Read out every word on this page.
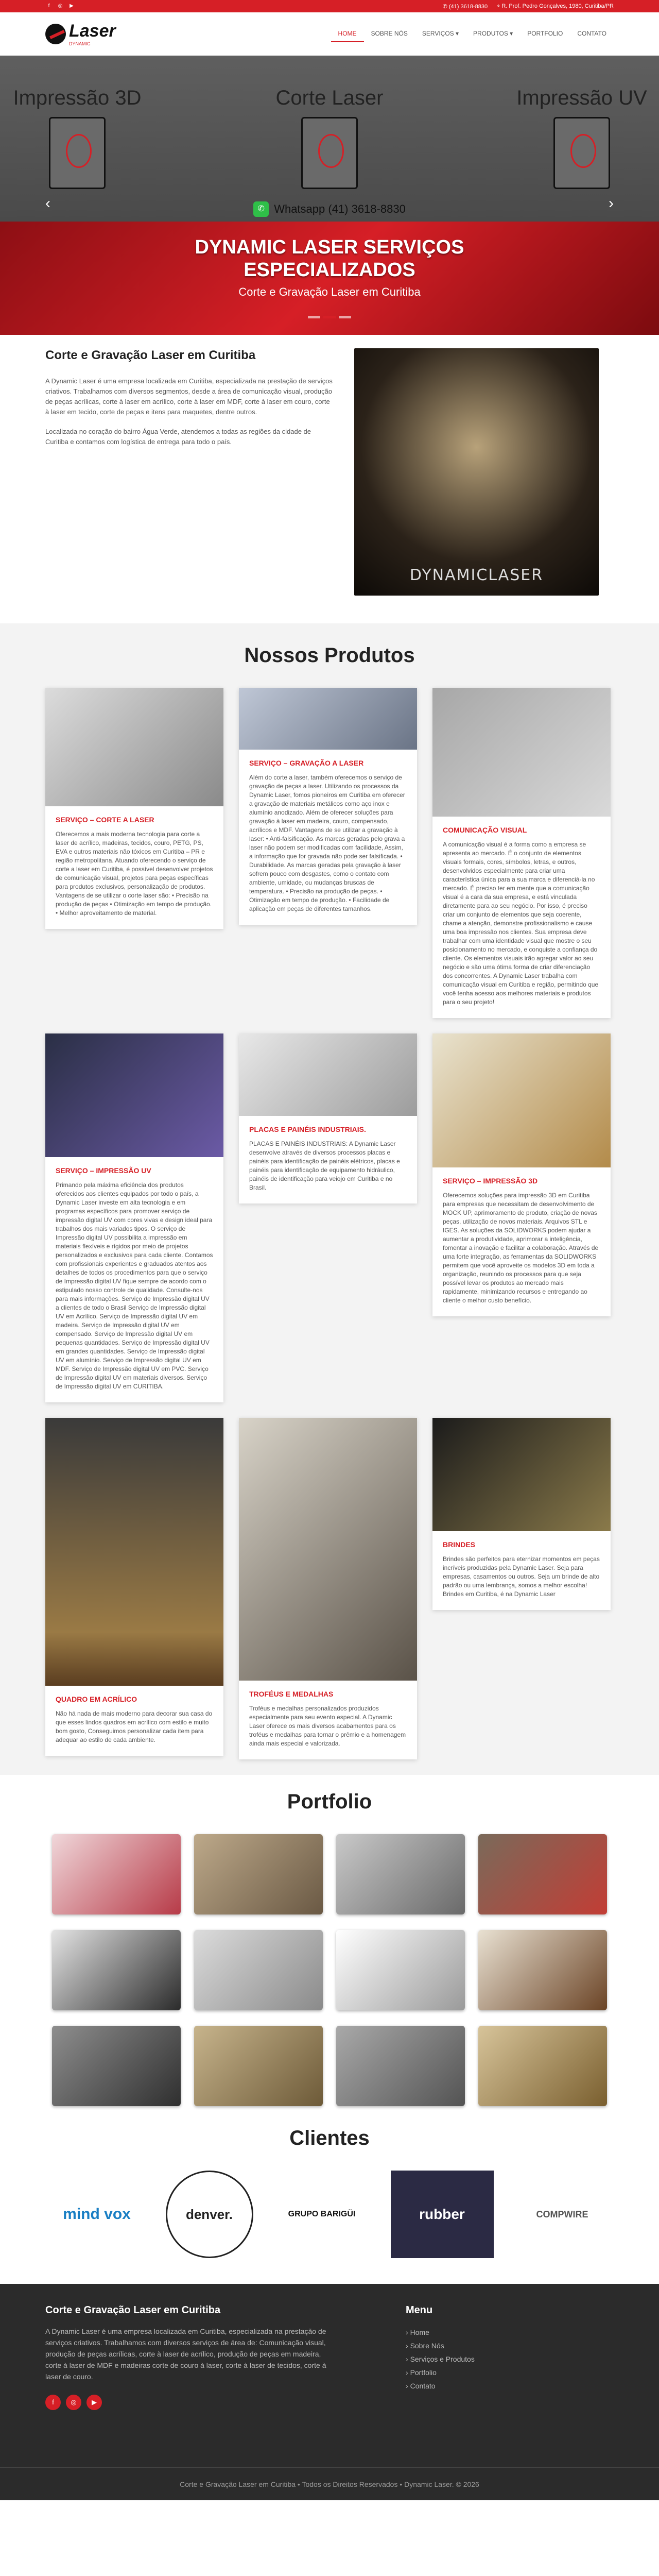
f	◎	▶	✆ (41) 3618-8830 ⌖ R. Prof. Pedro Gonçalves, 1980, Curitiba/PR
Laser
DYNAMIC
HOME	SOBRE NÓS	SERVIÇOS ▾	PRODUTOS ▾	PORTFOLIO	CONTATO
Impressão 3D	Corte Laser	Impressão UV
‹	›
✆ Whatsapp (41) 3618-8830
DYNAMIC LASER SERVIÇOS
ESPECIALIZADOS

Corte e Gravação Laser em Curitiba

Corte e Gravação Laser em Curitiba

A Dynamic Laser é uma empresa localizada em Curitiba, especializada na prestação de serviços criativos. Trabalhamos com diversos segmentos, desde a área de comunicação visual, produção de peças acrílicas, corte à laser em acrílico, corte à laser em MDF, corte à laser em couro, corte à laser em tecido, corte de peças e itens para maquetes, dentre outros.

Localizada no coração do bairro Água Verde, atendemos a todas as regiões da cidade de Curitiba e contamos com logística de entrega para todo o país.

DYNAMICLASER
Nossos Produtos
SERVIÇO – CORTE A LASER

Oferecemos a mais moderna tecnologia para corte a laser de acrílico, madeiras, tecidos, couro, PETG, PS, EVA e outros materiais não tóxicos em Curitiba – PR e região metropolitana. Atuando oferecendo o serviço de corte a laser em Curitiba, é possível desenvolver projetos de comunicação visual, projetos para peças específicas para produtos exclusivos, personalização de produtos. Vantagens de se utilizar o corte laser são: • Precisão na produção de peças • Otimização em tempo de produção. • Melhor aproveitamento de material.

SERVIÇO – GRAVAÇÃO A LASER

Além do corte a laser, também oferecemos o serviço de gravação de peças a laser. Utilizando os processos da Dynamic Laser, fomos pioneiros em Curitiba em oferecer a gravação de materiais metálicos como aço inox e alumínio anodizado. Além de oferecer soluções para gravação à laser em madeira, couro, compensado, acrílicos e MDF. Vantagens de se utilizar a gravação à laser: • Anti-falsificação. As marcas geradas pelo grava a laser não podem ser modificadas com facilidade, Assim, a informação que for gravada não pode ser falsificada. • Durabilidade. As marcas geradas pela gravação à laser sofrem pouco com desgastes, como o contato com ambiente, umidade, ou mudanças bruscas de temperatura. • Precisão na produção de peças. • Otimização em tempo de produção. • Facilidade de aplicação em peças de diferentes tamanhos.

COMUNICAÇÃO VISUAL

A comunicação visual é a forma como a empresa se apresenta ao mercado. É o conjunto de elementos visuais formais, cores, símbolos, letras, e outros, desenvolvidos especialmente para criar uma característica única para a sua marca e diferenciá-la no mercado. É preciso ter em mente que a comunicação visual é a cara da sua empresa, e está vinculada diretamente para ao seu negócio. Por isso, é preciso criar um conjunto de elementos que seja coerente, chame a atenção, demonstre profissionalismo e cause uma boa impressão nos clientes. Sua empresa deve trabalhar com uma identidade visual que mostre o seu posicionamento no mercado, e conquiste a confiança do cliente. Os elementos visuais irão agregar valor ao seu negócio e são uma ótima forma de criar diferenciação dos concorrentes. A Dynamic Laser trabalha com comunicação visual em Curitiba e região, permitindo que você tenha acesso aos melhores materiais e produtos para o seu projeto!

SERVIÇO – IMPRESSÃO UV

Primando pela máxima eficiência dos produtos oferecidos aos clientes equipados por todo o país, a Dynamic Laser investe em alta tecnologia e em programas específicos para promover serviço de impressão digital UV com cores vivas e design ideal para trabalhos dos mais variados tipos. O serviço de Impressão digital UV possibilita a impressão em materiais flexíveis e rígidos por meio de projetos personalizados e exclusivos para cada cliente. Contamos com profissionais experientes e graduados atentos aos detalhes de todos os procedimentos para que o serviço de Impressão digital UV fique sempre de acordo com o estipulado nosso controle de qualidade. Consulte-nos para mais informações. Serviço de Impressão digital UV a clientes de todo o Brasil Serviço de Impressão digital UV em Acrílico. Serviço de Impressão digital UV em madeira. Serviço de Impressão digital UV em compensado. Serviço de Impressão digital UV em pequenas quantidades. Serviço de Impressão digital UV em grandes quantidades. Serviço de Impressão digital UV em alumínio. Serviço de Impressão digital UV em MDF. Serviço de Impressão digital UV em PVC. Serviço de Impressão digital UV em materiais diversos. Serviço de Impressão digital UV em CURITIBA.

PLACAS E PAINÉIS INDUSTRIAIS.

PLACAS E PAINÉIS INDUSTRIAIS: A Dynamic Laser desenvolve através de diversos processos placas e painéis para identificação de painéis elétricos, placas e painéis para identificação de equipamento hidráulico, painéis de identificação para veiojo em Curitiba e no Brasil.

SERVIÇO – IMPRESSÃO 3D

Oferecemos soluções para impressão 3D em Curitiba para empresas que necessitam de desenvolvimento de MOCK UP, aprimoramento de produto, criação de novas peças, utilização de novos materiais. Arquivos STL e IGES. As soluções da SOLIDWORKS podem ajudar a aumentar a produtividade, aprimorar a inteligência, fomentar a inovação e facilitar a colaboração. Através de uma forte integração, as ferramentas da SOLIDWORKS permitem que você aproveite os modelos 3D em toda a organização, reunindo os processos para que seja possível levar os produtos ao mercado mais rapidamente, minimizando recursos e entregando ao cliente o melhor custo benefício.

QUADRO EM ACRÍLICO

Não há nada de mais moderno para decorar sua casa do que esses lindos quadros em acrílico com estilo e muito bom gosto, Conseguimos personalizar cada item para adequar ao estilo de cada ambiente.

TROFÉUS E MEDALHAS

Troféus e medalhas personalizados produzidos especialmente para seu evento especial. A Dynamic Laser oferece os mais diversos acabamentos para os troféus e medalhas para tornar o prêmio e a homenagem ainda mais especial e valorizada.

BRINDES

Brindes são perfeitos para eternizar momentos em peças incríveis produzidas pela Dynamic Laser. Seja para empresas, casamentos ou outros. Seja um brinde de alto padrão ou uma lembrança, somos a melhor escolha! Brindes em Curitiba, é na Dynamic Laser

Portfolio
Clientes
mind vox	denver.	GRUPO BARIGÜI	rubber	COMPWIRE
Corte e Gravação Laser em Curitiba

A Dynamic Laser é uma empresa localizada em Curitiba, especializada na prestação de serviços criativos. Trabalhamos com diversos serviços de área de: Comunicação visual, produção de peças acrílicas, corte à laser de acrílico, produção de peças em madeira, corte à laser de MDF e madeiras corte de couro à laser, corte à laser de tecidos, corte à laser de couro.

f	◎	▶
Menu
› Home
› Sobre Nós
› Serviços e Produtos
› Portfolio
› Contato
Corte e Gravação Laser em Curitiba • Todos os Direitos Reservados • Dynamic Laser. © 2026
